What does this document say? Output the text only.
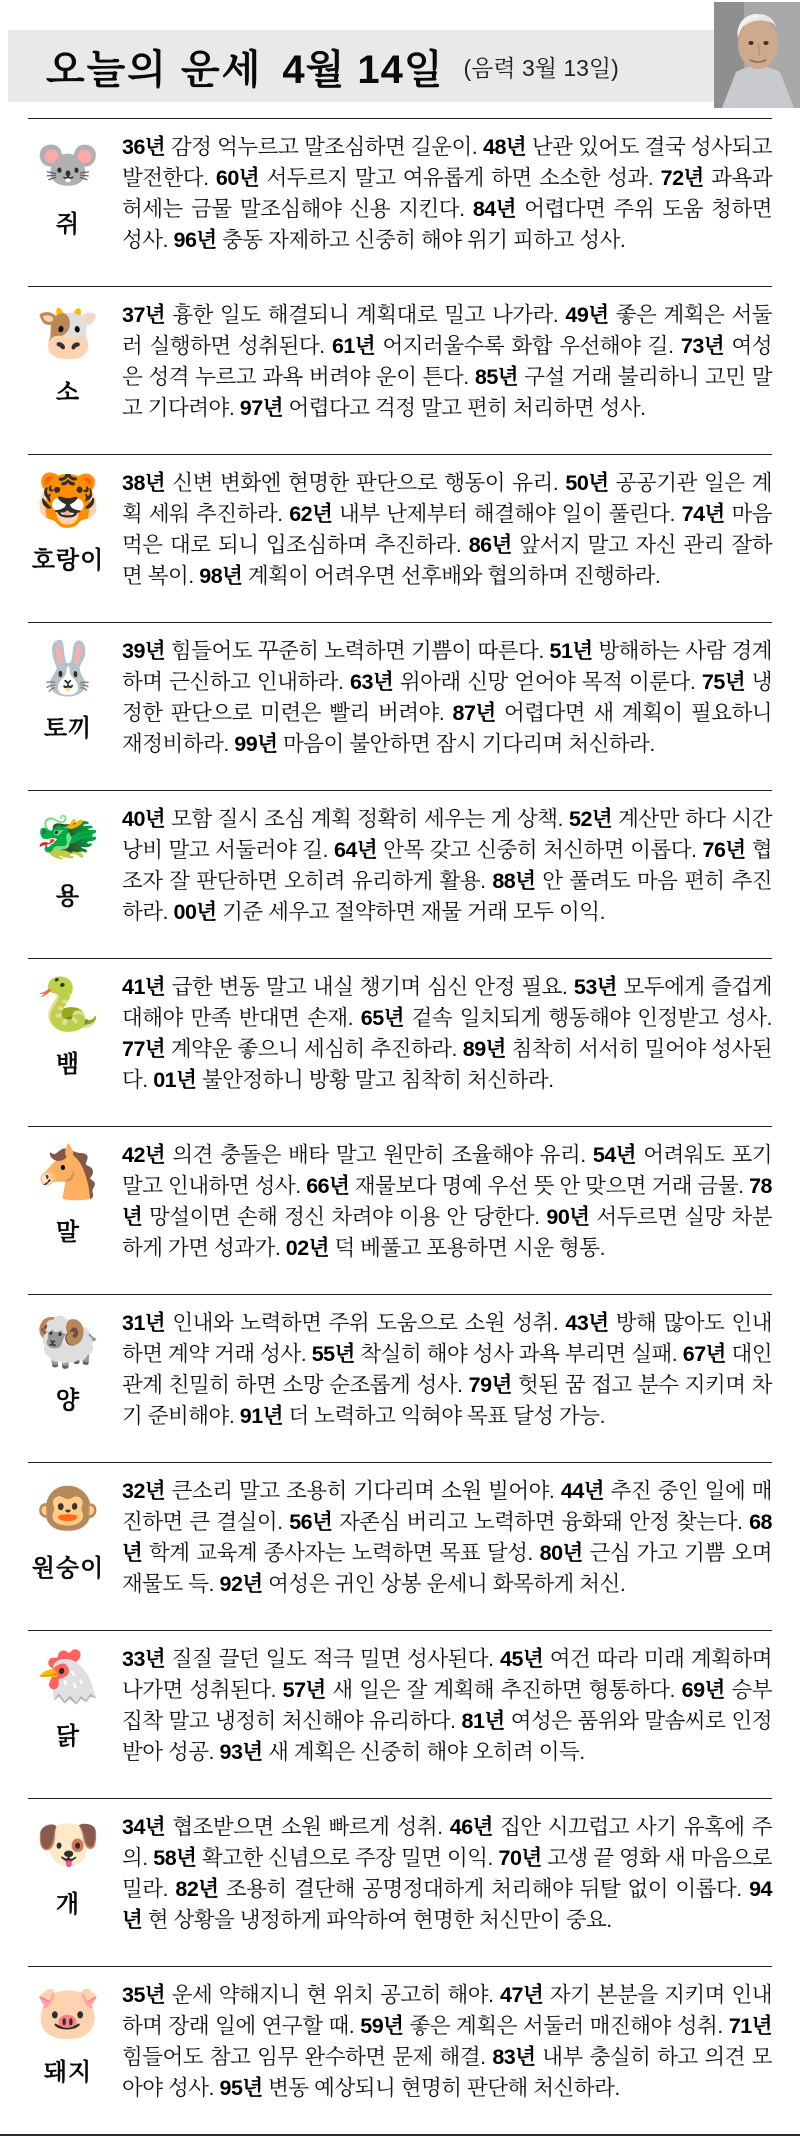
오늘의 운세 4월 14일 (음력 3월 13일)
🐭
쥐

36년 감정 억누르고 말조심하면 길운이. 48년 난관 있어도 결국 성사되고 발전한다. 60년 서두르지 말고 여유롭게 하면 소소한 성과. 72년 과욕과 허세는 금물 말조심해야 신용 지킨다. 84년 어렵다면 주위 도움 청하면 성사. 96년 충동 자제하고 신중히 해야 위기 피하고 성사.

🐮
소

37년 흉한 일도 해결되니 계획대로 밀고 나가라. 49년 좋은 계획은 서둘러 실행하면 성취된다. 61년 어지러울수록 화합 우선해야 길. 73년 여성은 성격 누르고 과욕 버려야 운이 튼다. 85년 구설 거래 불리하니 고민 말고 기다려야. 97년 어렵다고 걱정 말고 편히 처리하면 성사.

🐯
호랑이

38년 신변 변화엔 현명한 판단으로 행동이 유리. 50년 공공기관 일은 계획 세워 추진하라. 62년 내부 난제부터 해결해야 일이 풀린다. 74년 마음먹은 대로 되니 입조심하며 추진하라. 86년 앞서지 말고 자신 관리 잘하면 복이. 98년 계획이 어려우면 선후배와 협의하며 진행하라.

🐰
토끼

39년 힘들어도 꾸준히 노력하면 기쁨이 따른다. 51년 방해하는 사람 경계하며 근신하고 인내하라. 63년 위아래 신망 얻어야 목적 이룬다. 75년 냉정한 판단으로 미련은 빨리 버려야. 87년 어렵다면 새 계획이 필요하니 재정비하라. 99년 마음이 불안하면 잠시 기다리며 처신하라.

🐲
용

40년 모함 질시 조심 계획 정확히 세우는 게 상책. 52년 계산만 하다 시간 낭비 말고 서둘러야 길. 64년 안목 갖고 신중히 처신하면 이롭다. 76년 협조자 잘 판단하면 오히려 유리하게 활용. 88년 안 풀려도 마음 편히 추진하라. 00년 기준 세우고 절약하면 재물 거래 모두 이익.

🐍
뱀

41년 급한 변동 말고 내실 챙기며 심신 안정 필요. 53년 모두에게 즐겁게 대해야 만족 반대면 손재. 65년 겉속 일치되게 행동해야 인정받고 성사. 77년 계약운 좋으니 세심히 추진하라. 89년 침착히 서서히 밀어야 성사된다. 01년 불안정하니 방황 말고 침착히 처신하라.

🐴
말

42년 의견 충돌은 배타 말고 원만히 조율해야 유리. 54년 어려워도 포기 말고 인내하면 성사. 66년 재물보다 명예 우선 뜻 안 맞으면 거래 금물. 78년 망설이면 손해 정신 차려야 이용 안 당한다. 90년 서두르면 실망 차분하게 가면 성과가. 02년 덕 베풀고 포용하면 시운 형통.

🐏
양

31년 인내와 노력하면 주위 도움으로 소원 성취. 43년 방해 많아도 인내하면 계약 거래 성사. 55년 착실히 해야 성사 과욕 부리면 실패. 67년 대인관계 친밀히 하면 소망 순조롭게 성사. 79년 헛된 꿈 접고 분수 지키며 차기 준비해야. 91년 더 노력하고 익혀야 목표 달성 가능.

🐵
원숭이

32년 큰소리 말고 조용히 기다리며 소원 빌어야. 44년 추진 중인 일에 매진하면 큰 결실이. 56년 자존심 버리고 노력하면 융화돼 안정 찾는다. 68년 학계 교육계 종사자는 노력하면 목표 달성. 80년 근심 가고 기쁨 오며 재물도 득. 92년 여성은 귀인 상봉 운세니 화목하게 처신.

🐔
닭

33년 질질 끌던 일도 적극 밀면 성사된다. 45년 여건 따라 미래 계획하며 나가면 성취된다. 57년 새 일은 잘 계획해 추진하면 형통하다. 69년 승부 집착 말고 냉정히 처신해야 유리하다. 81년 여성은 품위와 말솜씨로 인정받아 성공. 93년 새 계획은 신중히 해야 오히려 이득.

🐶
개

34년 협조받으면 소원 빠르게 성취. 46년 집안 시끄럽고 사기 유혹에 주의. 58년 확고한 신념으로 주장 밀면 이익. 70년 고생 끝 영화 새 마음으로 밀라. 82년 조용히 결단해 공명정대하게 처리해야 뒤탈 없이 이롭다. 94년 현 상황을 냉정하게 파악하여 현명한 처신만이 중요.

🐷
돼지

35년 운세 약해지니 현 위치 공고히 해야. 47년 자기 본분을 지키며 인내하며 장래 일에 연구할 때. 59년 좋은 계획은 서둘러 매진해야 성취. 71년 힘들어도 참고 임무 완수하면 문제 해결. 83년 내부 충실히 하고 의견 모아야 성사. 95년 변동 예상되니 현명히 판단해 처신하라.
